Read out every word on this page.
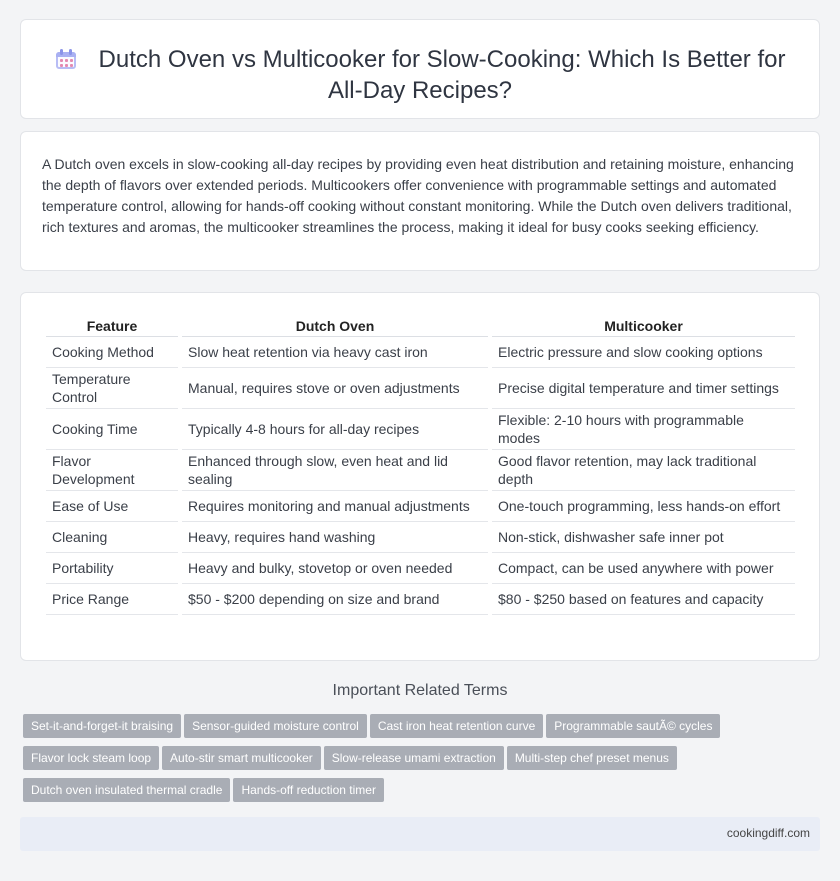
Dutch Oven vs Multicooker for Slow-Cooking: Which Is Better for All-Day Recipes?

A Dutch oven excels in slow-cooking all-day recipes by providing even heat distribution and retaining moisture, enhancing the depth of flavors over extended periods. Multicookers offer convenience with programmable settings and automated temperature control, allowing for hands-off cooking without constant monitoring. While the Dutch oven delivers traditional, rich textures and aromas, the multicooker streamlines the process, making it ideal for busy cooks seeking efficiency.

Feature	Dutch Oven	Multicooker
Cooking Method	Slow heat retention via heavy cast iron	Electric pressure and slow cooking options
Temperature Control	Manual, requires stove or oven adjustments	Precise digital temperature and timer settings
Cooking Time	Typically 4-8 hours for all-day recipes	Flexible: 2-10 hours with programmable modes
Flavor Development	Enhanced through slow, even heat and lid sealing	Good flavor retention, may lack traditional depth
Ease of Use	Requires monitoring and manual adjustments	One-touch programming, less hands-on effort
Cleaning	Heavy, requires hand washing	Non-stick, dishwasher safe inner pot
Portability	Heavy and bulky, stovetop or oven needed	Compact, can be used anywhere with power
Price Range	$50 - $200 depending on size and brand	$80 - $250 based on features and capacity
Important Related Terms
Set-it-and-forget-it braising Sensor-guided moisture control Cast iron heat retention curve Programmable sautÃ© cycles
Flavor lock steam loop Auto-stir smart multicooker Slow-release umami extraction Multi-step chef preset menus
Dutch oven insulated thermal cradle Hands-off reduction timer
cookingdiff.com
